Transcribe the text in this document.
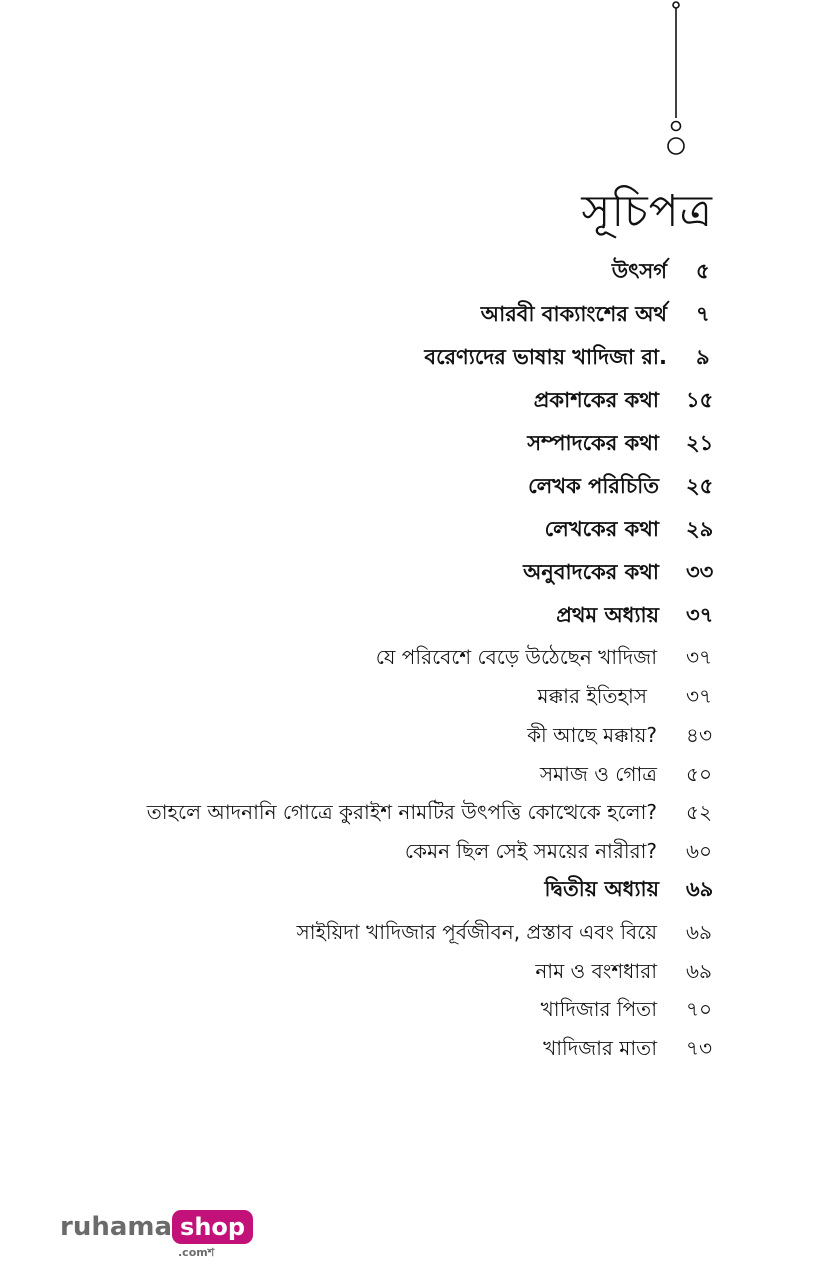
সূচিপত্র
উৎসর্গ ৫
আরবী বাক্যাংশের অর্থ ৭
বরেণ্যদের ভাষায় খাদিজা রা. ৯
প্রকাশকের কথা ১৫
সম্পাদকের কথা ২১
লেখক পরিচিতি ২৫
লেখকের কথা ২৯
অনুবাদকের কথা ৩৩
প্রথম অধ্যায় ৩৭
যে পরিবেশে বেড়ে উঠেছেন খাদিজা ৩৭
মক্কার ইতিহাস ৩৭
কী আছে মক্কায়? ৪৩
সমাজ ও গোত্র ৫০
তাহলে আদনানি গোত্রে কুরাইশ নামটির উৎপত্তি কোত্থেকে হলো? ৫২
কেমন ছিল সেই সময়ের নারীরা? ৬০
দ্বিতীয় অধ্যায় ৬৯
সাইয়িদা খাদিজার পূর্বজীবন, প্রস্তাব এবং বিয়ে ৬৯
নাম ও বংশধারা ৬৯
খাদিজার পিতা ৭০
খাদিজার মাতা ৭৩
ruhama shop
.comশ
